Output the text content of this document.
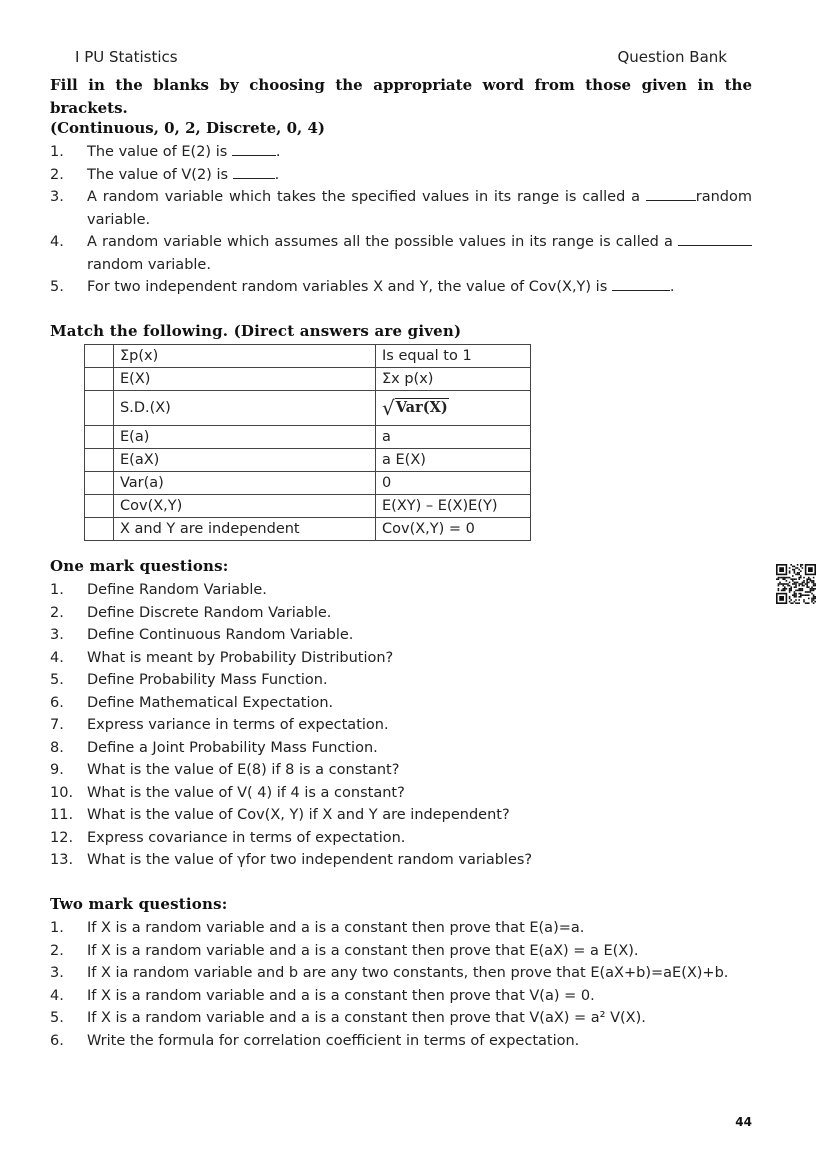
I PU Statistics	Question Bank

Fill in the blanks by choosing the appropriate word from those given in the brackets.

(Continuous, 0, 2, Discrete, 0, 4)
1.	The value of E(2) is	.
2.	The value of V(2) is	.
3.	A random variable which takes the specified values in its range is called a	random variable.
4.	A random variable which assumes all the possible values in its range is called a random variable.
5.	For two independent random variables X and Y, the value of Cov(X,Y) is	.
Match the following. (Direct answers are given)
	Σp(x)	Is equal to 1
	E(X)	Σx p(x)
	S.D.(X)	√Var(X)
	E(a)	a
	E(aX)	a E(X)
	Var(a)	0
	Cov(X,Y)	E(XY) – E(X)E(Y)
	X and Y are independent	Cov(X,Y) = 0
One mark questions:
1.	Define Random Variable.
2.	Define Discrete Random Variable.
3.	Define Continuous Random Variable.
4.	What is meant by Probability Distribution?
5.	Define Probability Mass Function.
6.	Define Mathematical Expectation.
7.	Express variance in terms of expectation.
8.	Define a Joint Probability Mass Function.
9.	What is the value of E(8) if 8 is a constant?
10. What is the value of V( 4) if 4 is a constant?
11. What is the value of Cov(X, Y) if X and Y are independent?
12. Express covariance in terms of expectation.
13. What is the value of γfor two independent random variables?
Two mark questions:
1.	If X is a random variable and a is a constant then prove that E(a)=a.
2.	If X is a random variable and a is a constant then prove that E(aX) = a E(X).
3.	If X ia random variable and b are any two constants, then prove that E(aX+b)=aE(X)+b.
4.	If X is a random variable and a is a constant then prove that V(a) = 0.
5.	If X is a random variable and a is a constant then prove that V(aX) = a² V(X).
6.	Write the formula for correlation coefficient in terms of expectation.
44
